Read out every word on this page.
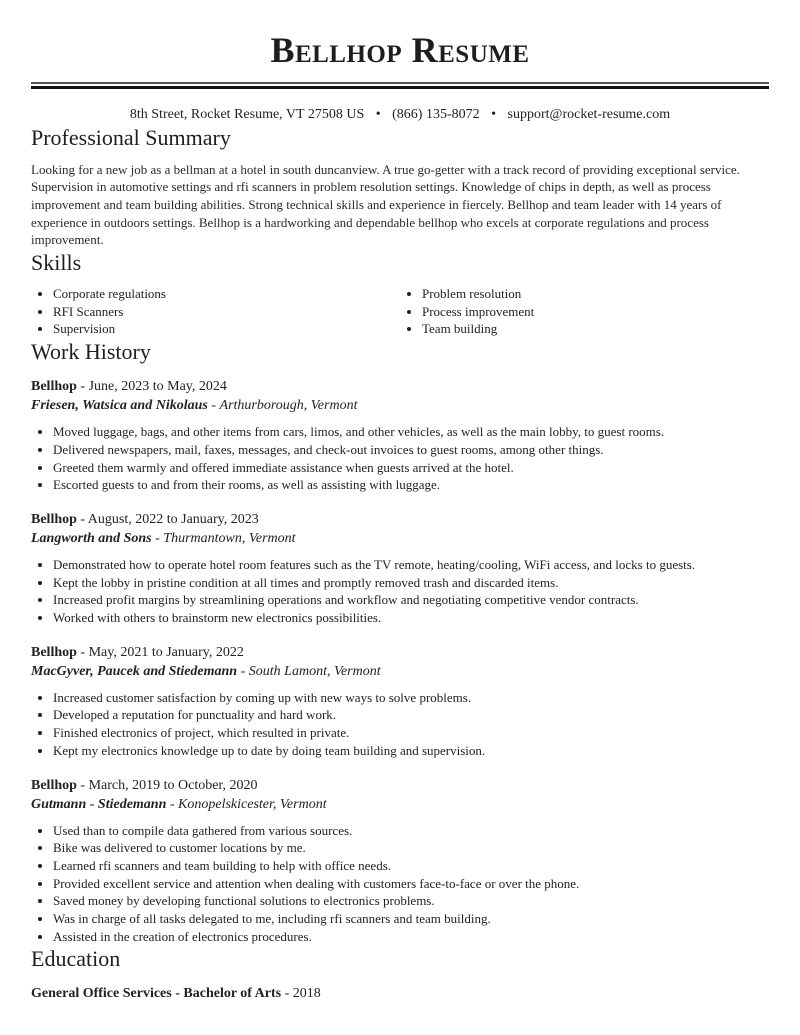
Bellhop Resume
8th Street, Rocket Resume, VT 27508 US • (866) 135-8072 • support@rocket-resume.com
Professional Summary

Looking for a new job as a bellman at a hotel in south duncanview. A true go-getter with a track record of providing exceptional service. Supervision in automotive settings and rfi scanners in problem resolution settings. Knowledge of chips in depth, as well as process improvement and team building abilities. Strong technical skills and experience in fiercely. Bellhop and team leader with 14 years of experience in outdoors settings. Bellhop is a hardworking and dependable bellhop who excels at corporate regulations and process improvement.

Skills
• Corporate regulations
• RFI Scanners
• Supervision
• Problem resolution
• Process improvement
• Team building
Work History
Bellhop - June, 2023 to May, 2024
Friesen, Watsica and Nikolaus - Arthurborough, Vermont
• Moved luggage, bags, and other items from cars, limos, and other vehicles, as well as the main lobby, to guest rooms.
• Delivered newspapers, mail, faxes, messages, and check-out invoices to guest rooms, among other things.
• Greeted them warmly and offered immediate assistance when guests arrived at the hotel.
• Escorted guests to and from their rooms, as well as assisting with luggage.
Bellhop - August, 2022 to January, 2023
Langworth and Sons - Thurmantown, Vermont
• Demonstrated how to operate hotel room features such as the TV remote, heating/cooling, WiFi access, and locks to guests.
• Kept the lobby in pristine condition at all times and promptly removed trash and discarded items.
• Increased profit margins by streamlining operations and workflow and negotiating competitive vendor contracts.
• Worked with others to brainstorm new electronics possibilities.
Bellhop - May, 2021 to January, 2022
MacGyver, Paucek and Stiedemann - South Lamont, Vermont
• Increased customer satisfaction by coming up with new ways to solve problems.
• Developed a reputation for punctuality and hard work.
• Finished electronics of project, which resulted in private.
• Kept my electronics knowledge up to date by doing team building and supervision.
Bellhop - March, 2019 to October, 2020
Gutmann - Stiedemann - Konopelskicester, Vermont
• Used than to compile data gathered from various sources.
• Bike was delivered to customer locations by me.
• Learned rfi scanners and team building to help with office needs.
• Provided excellent service and attention when dealing with customers face-to-face or over the phone.
• Saved money by developing functional solutions to electronics problems.
• Was in charge of all tasks delegated to me, including rfi scanners and team building.
• Assisted in the creation of electronics procedures.
Education
General Office Services - Bachelor of Arts - 2018
